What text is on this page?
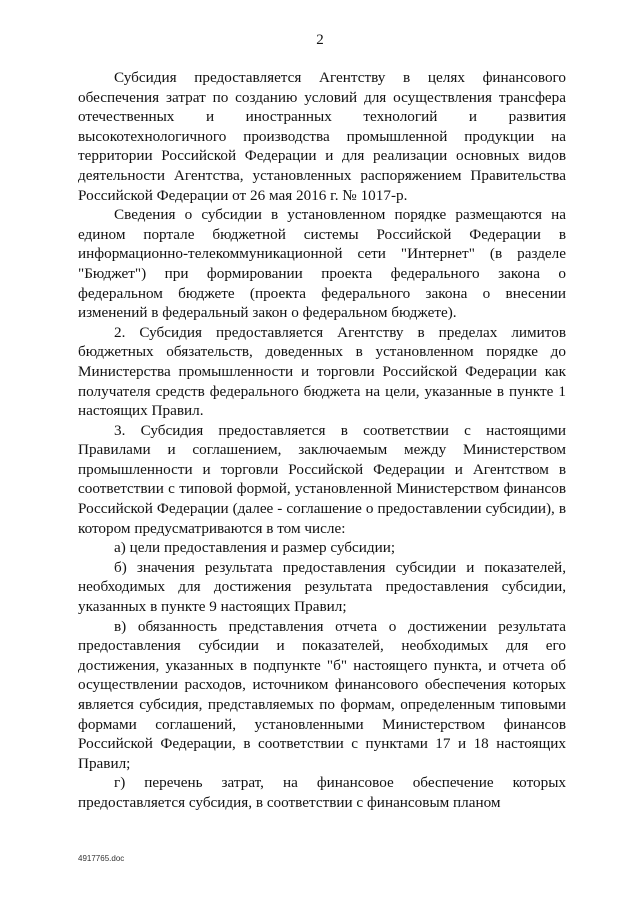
2

Субсидия предоставляется Агентству в целях финансового обеспечения затрат по созданию условий для осуществления трансфера отечественных и иностранных технологий и развития высокотехнологичного производства промышленной продукции на территории Российской Федерации и для реализации основных видов деятельности Агентства, установленных распоряжением Правительства Российской Федерации от 26 мая 2016 г. № 1017-р.

Сведения о субсидии в установленном порядке размещаются на едином портале бюджетной системы Российской Федерации в информационно-телекоммуникационной сети "Интернет" (в разделе "Бюджет") при формировании проекта федерального закона о федеральном бюджете (проекта федерального закона о внесении изменений в федеральный закон о федеральном бюджете).

2. Субсидия предоставляется Агентству в пределах лимитов бюджетных обязательств, доведенных в установленном порядке до Министерства промышленности и торговли Российской Федерации как получателя средств федерального бюджета на цели, указанные в пункте 1 настоящих Правил.

3. Субсидия предоставляется в соответствии с настоящими Правилами и соглашением, заключаемым между Министерством промышленности и торговли Российской Федерации и Агентством в соответствии с типовой формой, установленной Министерством финансов Российской Федерации (далее - соглашение о предоставлении субсидии), в котором предусматриваются в том числе:

а) цели предоставления и размер субсидии;

б) значения результата предоставления субсидии и показателей, необходимых для достижения результата предоставления субсидии, указанных в пункте 9 настоящих Правил;

в) обязанность представления отчета о достижении результата предоставления субсидии и показателей, необходимых для его достижения, указанных в подпункте "б" настоящего пункта, и отчета об осуществлении расходов, источником финансового обеспечения которых является субсидия, представляемых по формам, определенным типовыми формами соглашений, установленными Министерством финансов Российской Федерации, в соответствии с пунктами 17 и 18 настоящих Правил;

г) перечень затрат, на финансовое обеспечение которых предоставляется субсидия, в соответствии с финансовым планом

4917765.doc
